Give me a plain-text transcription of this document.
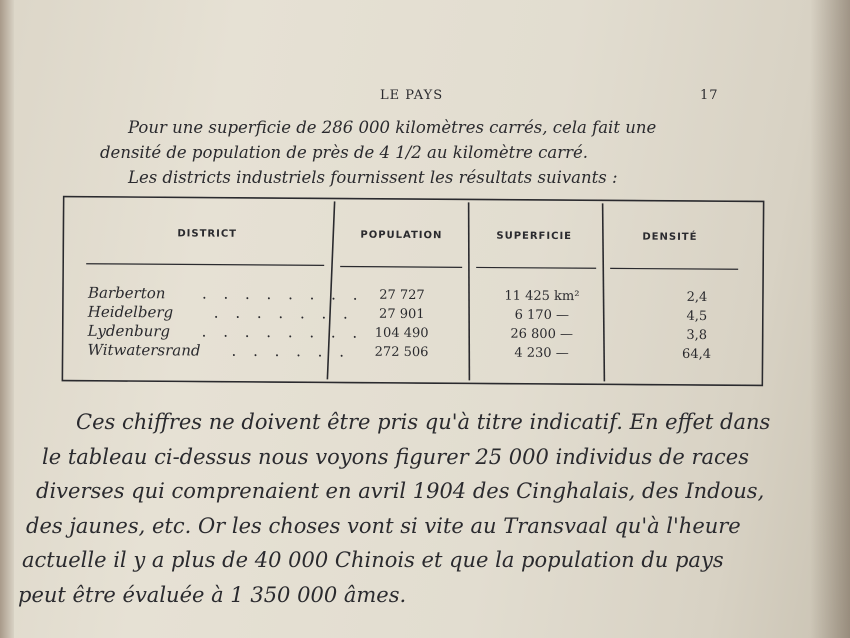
LE PAYS	17

Pour une superficie de 286 000 kilomètres carrés, cela fait une

densité de population de près de 4 1/2 au kilomètre carré.

Les districts industriels fournissent les résultats suivants :

DISTRICT	POPULATION	SUPERFICIE	DENSITÉ
Barberton . . . . . . . .	27 727	11 425 km²	2,4
Heidelberg	. . . . . . .	27 901	6 170 —	4,5
Lydenburg . . . . . . . . 104 490	26 800 —	3,8
Witwatersrand . . . . . .	272 506	4 230 —	64,4

Ces chiffres ne doivent être pris qu'à titre indicatif. En effet dans

le tableau ci-dessus nous voyons figurer 25 000 individus de races

diverses qui comprenaient en avril 1904 des Cinghalais, des Indous,

des jaunes, etc. Or les choses vont si vite au Transvaal qu'à l'heure

actuelle il y a plus de 40 000 Chinois et que la population du pays

peut être évaluée à 1 350 000 âmes.
